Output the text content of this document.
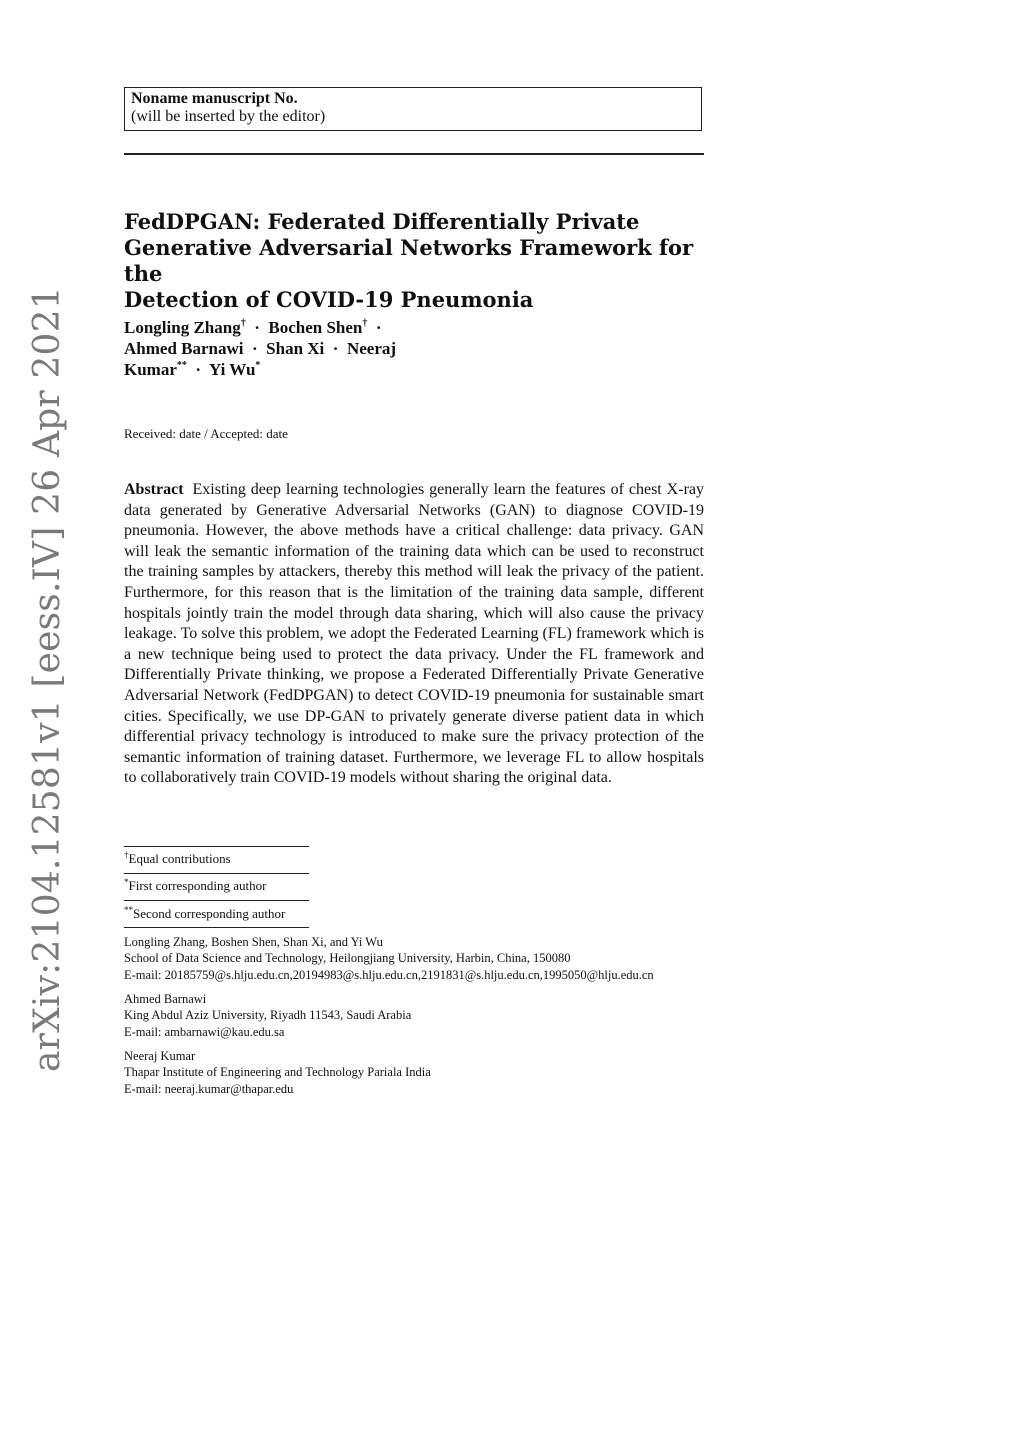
arXiv:2104.12581v1 [eess.IV] 26 Apr 2021
Noname manuscript No.
(will be inserted by the editor)
FedDPGAN: Federated Differentially Private
Generative Adversarial Networks Framework for the
Detection of COVID-19 Pneumonia
Longling Zhang† · Bochen Shen† ·
Ahmed Barnawi · Shan Xi · Neeraj
Kumar** · Yi Wu*
Received: date / Accepted: date
Abstract Existing deep learning technologies generally learn the features of chest X-ray data generated by Generative Adversarial Networks (GAN) to diagnose COVID-19 pneumonia. However, the above methods have a critical challenge: data privacy. GAN will leak the semantic information of the training data which can be used to reconstruct the training samples by attackers, thereby this method will leak the privacy of the patient. Furthermore, for this reason that is the limitation of the training data sample, different hospitals jointly train the model through data sharing, which will also cause the privacy leakage. To solve this problem, we adopt the Federated Learning (FL) framework which is a new technique being used to protect the data privacy. Under the FL framework and Differentially Private thinking, we propose a Federated Differentially Private Generative Adversarial Network (FedDPGAN) to detect COVID-19 pneumonia for sustainable smart cities. Specifically, we use DP-GAN to privately generate diverse patient data in which differential privacy technology is introduced to make sure the privacy protection of the semantic information of training dataset. Furthermore, we leverage FL to allow hospitals to collaboratively train COVID-19 models without sharing the original data.
†Equal contributions
*First corresponding author
**Second corresponding author
Longling Zhang, Boshen Shen, Shan Xi, and Yi Wu
School of Data Science and Technology, Heilongjiang University, Harbin, China, 150080
E-mail: 20185759@s.hlju.edu.cn,20194983@s.hlju.edu.cn,2191831@s.hlju.edu.cn,1995050@hlju.edu.cn
Ahmed Barnawi
King Abdul Aziz University, Riyadh 11543, Saudi Arabia
E-mail: ambarnawi@kau.edu.sa
Neeraj Kumar
Thapar Institute of Engineering and Technology Pariala India
E-mail: neeraj.kumar@thapar.edu
